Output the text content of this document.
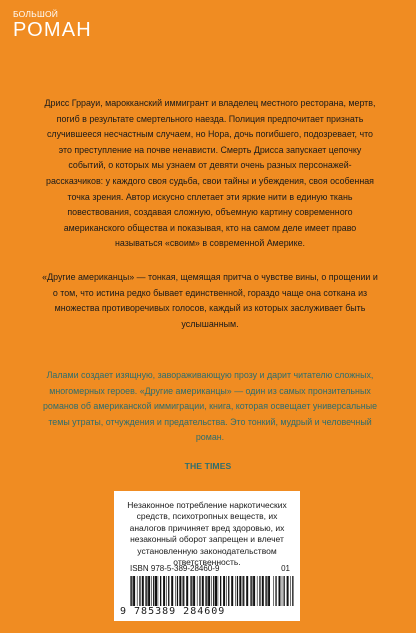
БОЛЬШОЙ
РОМАН

Дрисс Гррауи, марокканский иммигрант и владелец местного ресторана, мертв, погиб в результате смертельного наезда. Полиция предпочитает признать случившееся несчастным случаем, но Нора, дочь погибшего, подозревает, что это преступление на почве ненависти. Смерть Дрисса запускает цепочку событий, о которых мы узнаем от девяти очень разных персонажей-рассказчиков: у каждого своя судьба, свои тайны и убеждения, своя особенная точка зрения. Автор искусно сплетает эти яркие нити в единую ткань повествования, создавая сложную, объемную картину современного американского общества и показывая, кто на самом деле имеет право называться «своим» в современной Америке.

«Другие американцы» — тонкая, щемящая притча о чувстве вины, о прощении и о том, что истина редко бывает единственной, гораздо чаще она соткана из множества противоречивых голосов, каждый из которых заслуживает быть услышанным.

Лалами создает изящную, завораживающую прозу и дарит читателю сложных, многомерных героев. «Другие американцы» — один из самых пронзительных романов об американской иммиграции, книга, которая освещает универсальные темы утраты, отчуждения и предательства. Это тонкий, мудрый и человечный роман.

THE TIMES

Незаконное потребление наркотических средств, психотропных веществ, их аналогов причиняет вред здоровью, их незаконный оборот запрещен и влечет установленную законодательством ответственность.

ISBN 978-5-389-28460-9	01
9 785389 284609
